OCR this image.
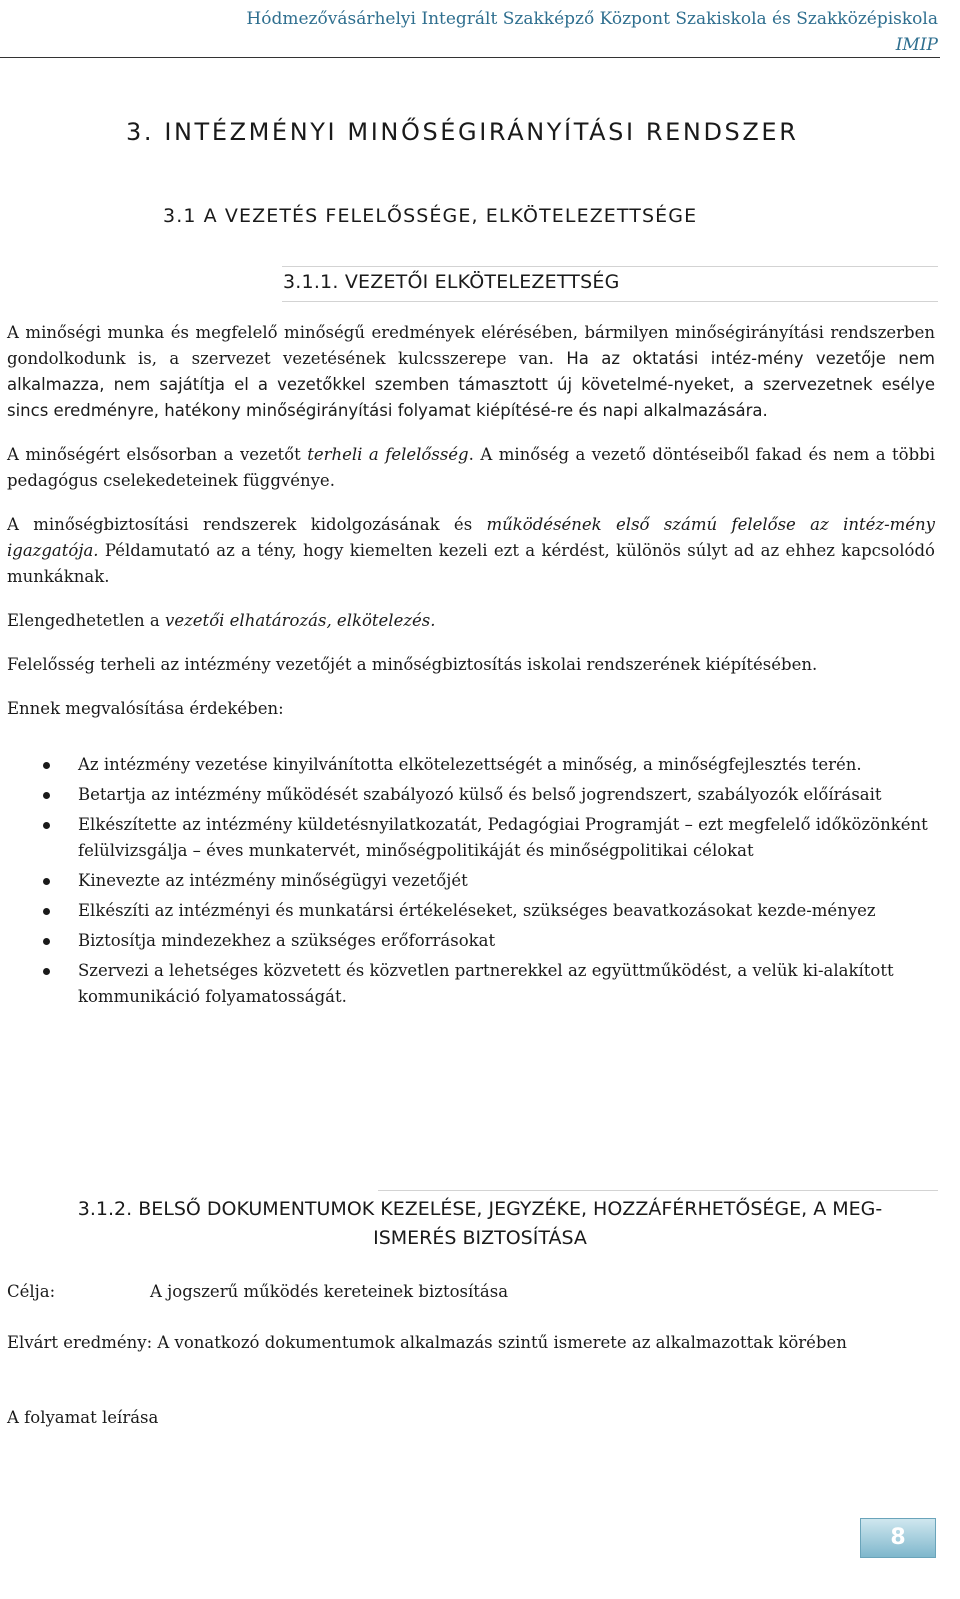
Hódmezővásárhelyi Integrált Szakképző Központ Szakiskola és Szakközépiskola
IMIP
3. INTÉZMÉNYI MINŐSÉGIRÁNYÍTÁSI RENDSZER
3.1 A VEZETÉS FELELŐSSÉGE, ELKÖTELEZETTSÉGE
3.1.1. VEZETŐI ELKÖTELEZETTSÉG

A minőségi munka és megfelelő minőségű eredmények elérésében, bármilyen minőségirányítási rendszerben gondolkodunk is, a szervezet vezetésének kulcsszerepe van. Ha az oktatási intéz-mény vezetője nem alkalmazza, nem sajátítja el a vezetőkkel szemben támasztott új követelmé-nyeket, a szervezetnek esélye sincs eredményre, hatékony minőségirányítási folyamat kiépítésé-re és napi alkalmazására.

A minőségért elsősorban a vezetőt terheli a felelősség. A minőség a vezető döntéseiből fakad és nem a többi pedagógus cselekedeteinek függvénye.

A minőségbiztosítási rendszerek kidolgozásának és működésének első számú felelőse az intéz-mény igazgatója. Példamutató az a tény, hogy kiemelten kezeli ezt a kérdést, különös súlyt ad az ehhez kapcsolódó munkáknak.

Elengedhetetlen a vezetői elhatározás, elkötelezés.

Felelősség terheli az intézmény vezetőjét a minőségbiztosítás iskolai rendszerének kiépítésében.

Ennek megvalósítása érdekében:

Az intézmény vezetése kinyilvánította elkötelezettségét a minőség, a minőségfejlesztés terén.
Betartja az intézmény működését szabályozó külső és belső jogrendszert, szabályozók előírásait
Elkészítette az intézmény küldetésnyilatkozatát, Pedagógiai Programját – ezt megfelelő időközönként felülvizsgálja – éves munkatervét, minőségpolitikáját és minőségpolitikai célokat
Kinevezte az intézmény minőségügyi vezetőjét
Elkészíti az intézményi és munkatársi értékeléseket, szükséges beavatkozásokat kezde-ményez
Biztosítja mindezekhez a szükséges erőforrásokat
Szervezi a lehetséges közvetett és közvetlen partnerekkel az együttműködést, a velük ki-alakított kommunikáció folyamatosságát.
3.1.2. BELSŐ DOKUMENTUMOK KEZELÉSE, JEGYZÉKE, HOZZÁFÉRHETŐSÉGE, A MEG-
ISMERÉS BIZTOSÍTÁSA
Célja:	A jogszerű működés kereteinek biztosítása
Elvárt eredmény: A vonatkozó dokumentumok alkalmazás szintű ismerete az alkalmazottak körében
A folyamat leírása
8
